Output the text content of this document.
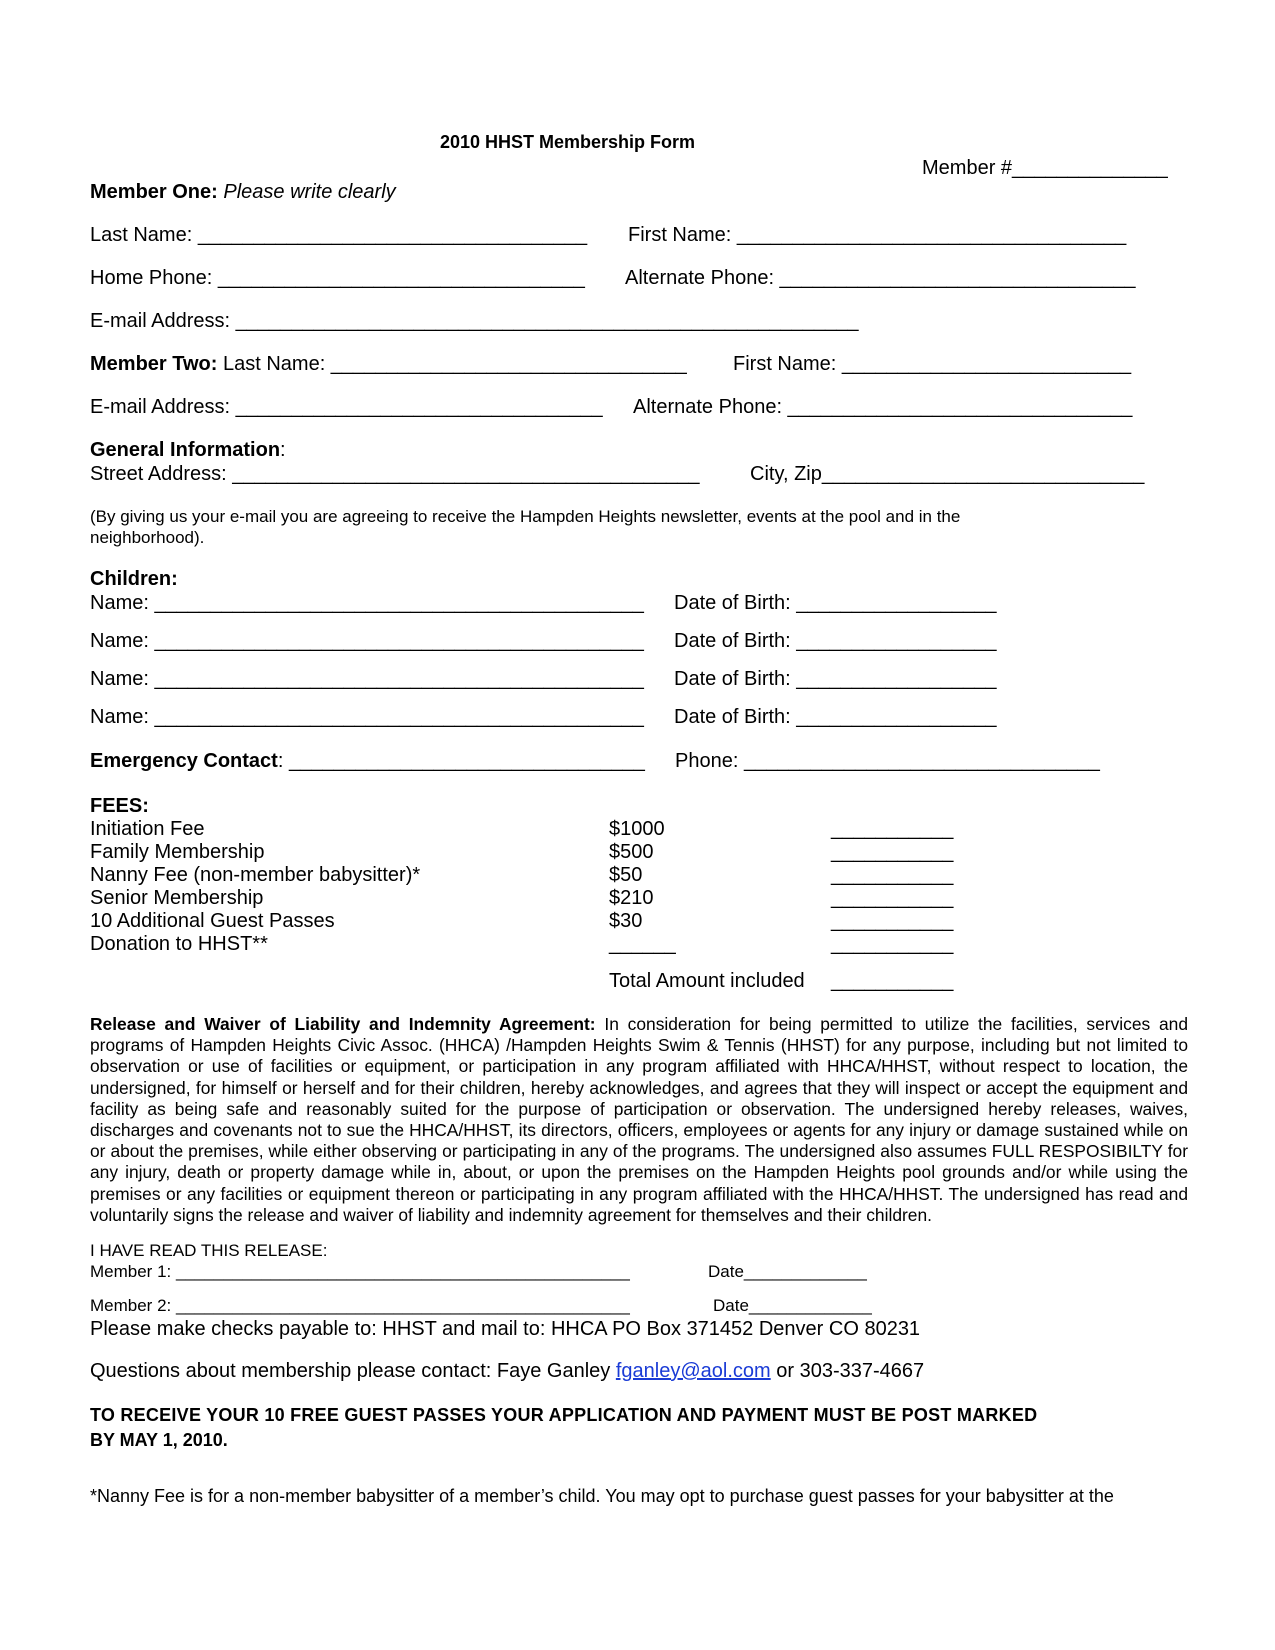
2010 HHST Membership Form
Member #______________
Member One: Please write clearly
Last Name: ___________________________________ First Name: ___________________________________
Home Phone: _________________________________ Alternate Phone: ________________________________
E-mail Address: ________________________________________________________
Member Two: Last Name: ________________________________ First Name: __________________________
E-mail Address: _________________________________ Alternate Phone: _______________________________
General Information:
Street Address: __________________________________________	City, Zip_____________________________
(By giving us your e-mail you are agreeing to receive the Hampden Heights newsletter, events at the pool and in the
neighborhood).
Children:
Name: ____________________________________________ Date of Birth: __________________
Name: ____________________________________________ Date of Birth: __________________
Name: ____________________________________________ Date of Birth: __________________
Name: ____________________________________________ Date of Birth: __________________
Emergency Contact: ________________________________ Phone: ________________________________
FEES:
Initiation Fee	$1000	___________
Family Membership	$500	___________
Nanny Fee (non-member babysitter)*	$50	___________
Senior Membership	$210	___________
10 Additional Guest Passes	$30	___________
Donation to HHST**	______	___________
Total Amount included ___________
Release and Waiver of Liability and Indemnity Agreement: In consideration for being permitted to utilize the facilities, services and programs of Hampden Heights Civic Assoc. (HHCA) /Hampden Heights Swim & Tennis (HHST) for any purpose, including but not limited to observation or use of facilities or equipment, or participation in any program affiliated with HHCA/HHST, without respect to location, the undersigned, for himself or herself and for their children, hereby acknowledges, and agrees that they will inspect or accept the equipment and facility as being safe and reasonably suited for the purpose of participation or observation. The undersigned hereby releases, waives, discharges and covenants not to sue the HHCA/HHST, its directors, officers, employees or agents for any injury or damage sustained while on or about the premises, while either observing or participating in any of the programs. The undersigned also assumes FULL RESPOSIBILTY for any injury, death or property damage while in, about, or upon the premises on the Hampden Heights pool grounds and/or while using the premises or any facilities or equipment thereon or participating in any program affiliated with the HHCA/HHST. The undersigned has read and voluntarily signs the release and waiver of liability and indemnity agreement for themselves and their children.
I HAVE READ THIS RELEASE:
Member 1: ________________________________________________	Date_____________
Member 2: ________________________________________________	Date_____________
Please make checks payable to: HHST and mail to: HHCA PO Box 371452 Denver CO 80231
Questions about membership please contact: Faye Ganley fganley@aol.com or 303-337-4667
TO RECEIVE YOUR 10 FREE GUEST PASSES YOUR APPLICATION AND PAYMENT MUST BE POST MARKED
BY MAY 1, 2010.
*Nanny Fee is for a non-member babysitter of a member’s child. You may opt to purchase guest passes for your babysitter at the
